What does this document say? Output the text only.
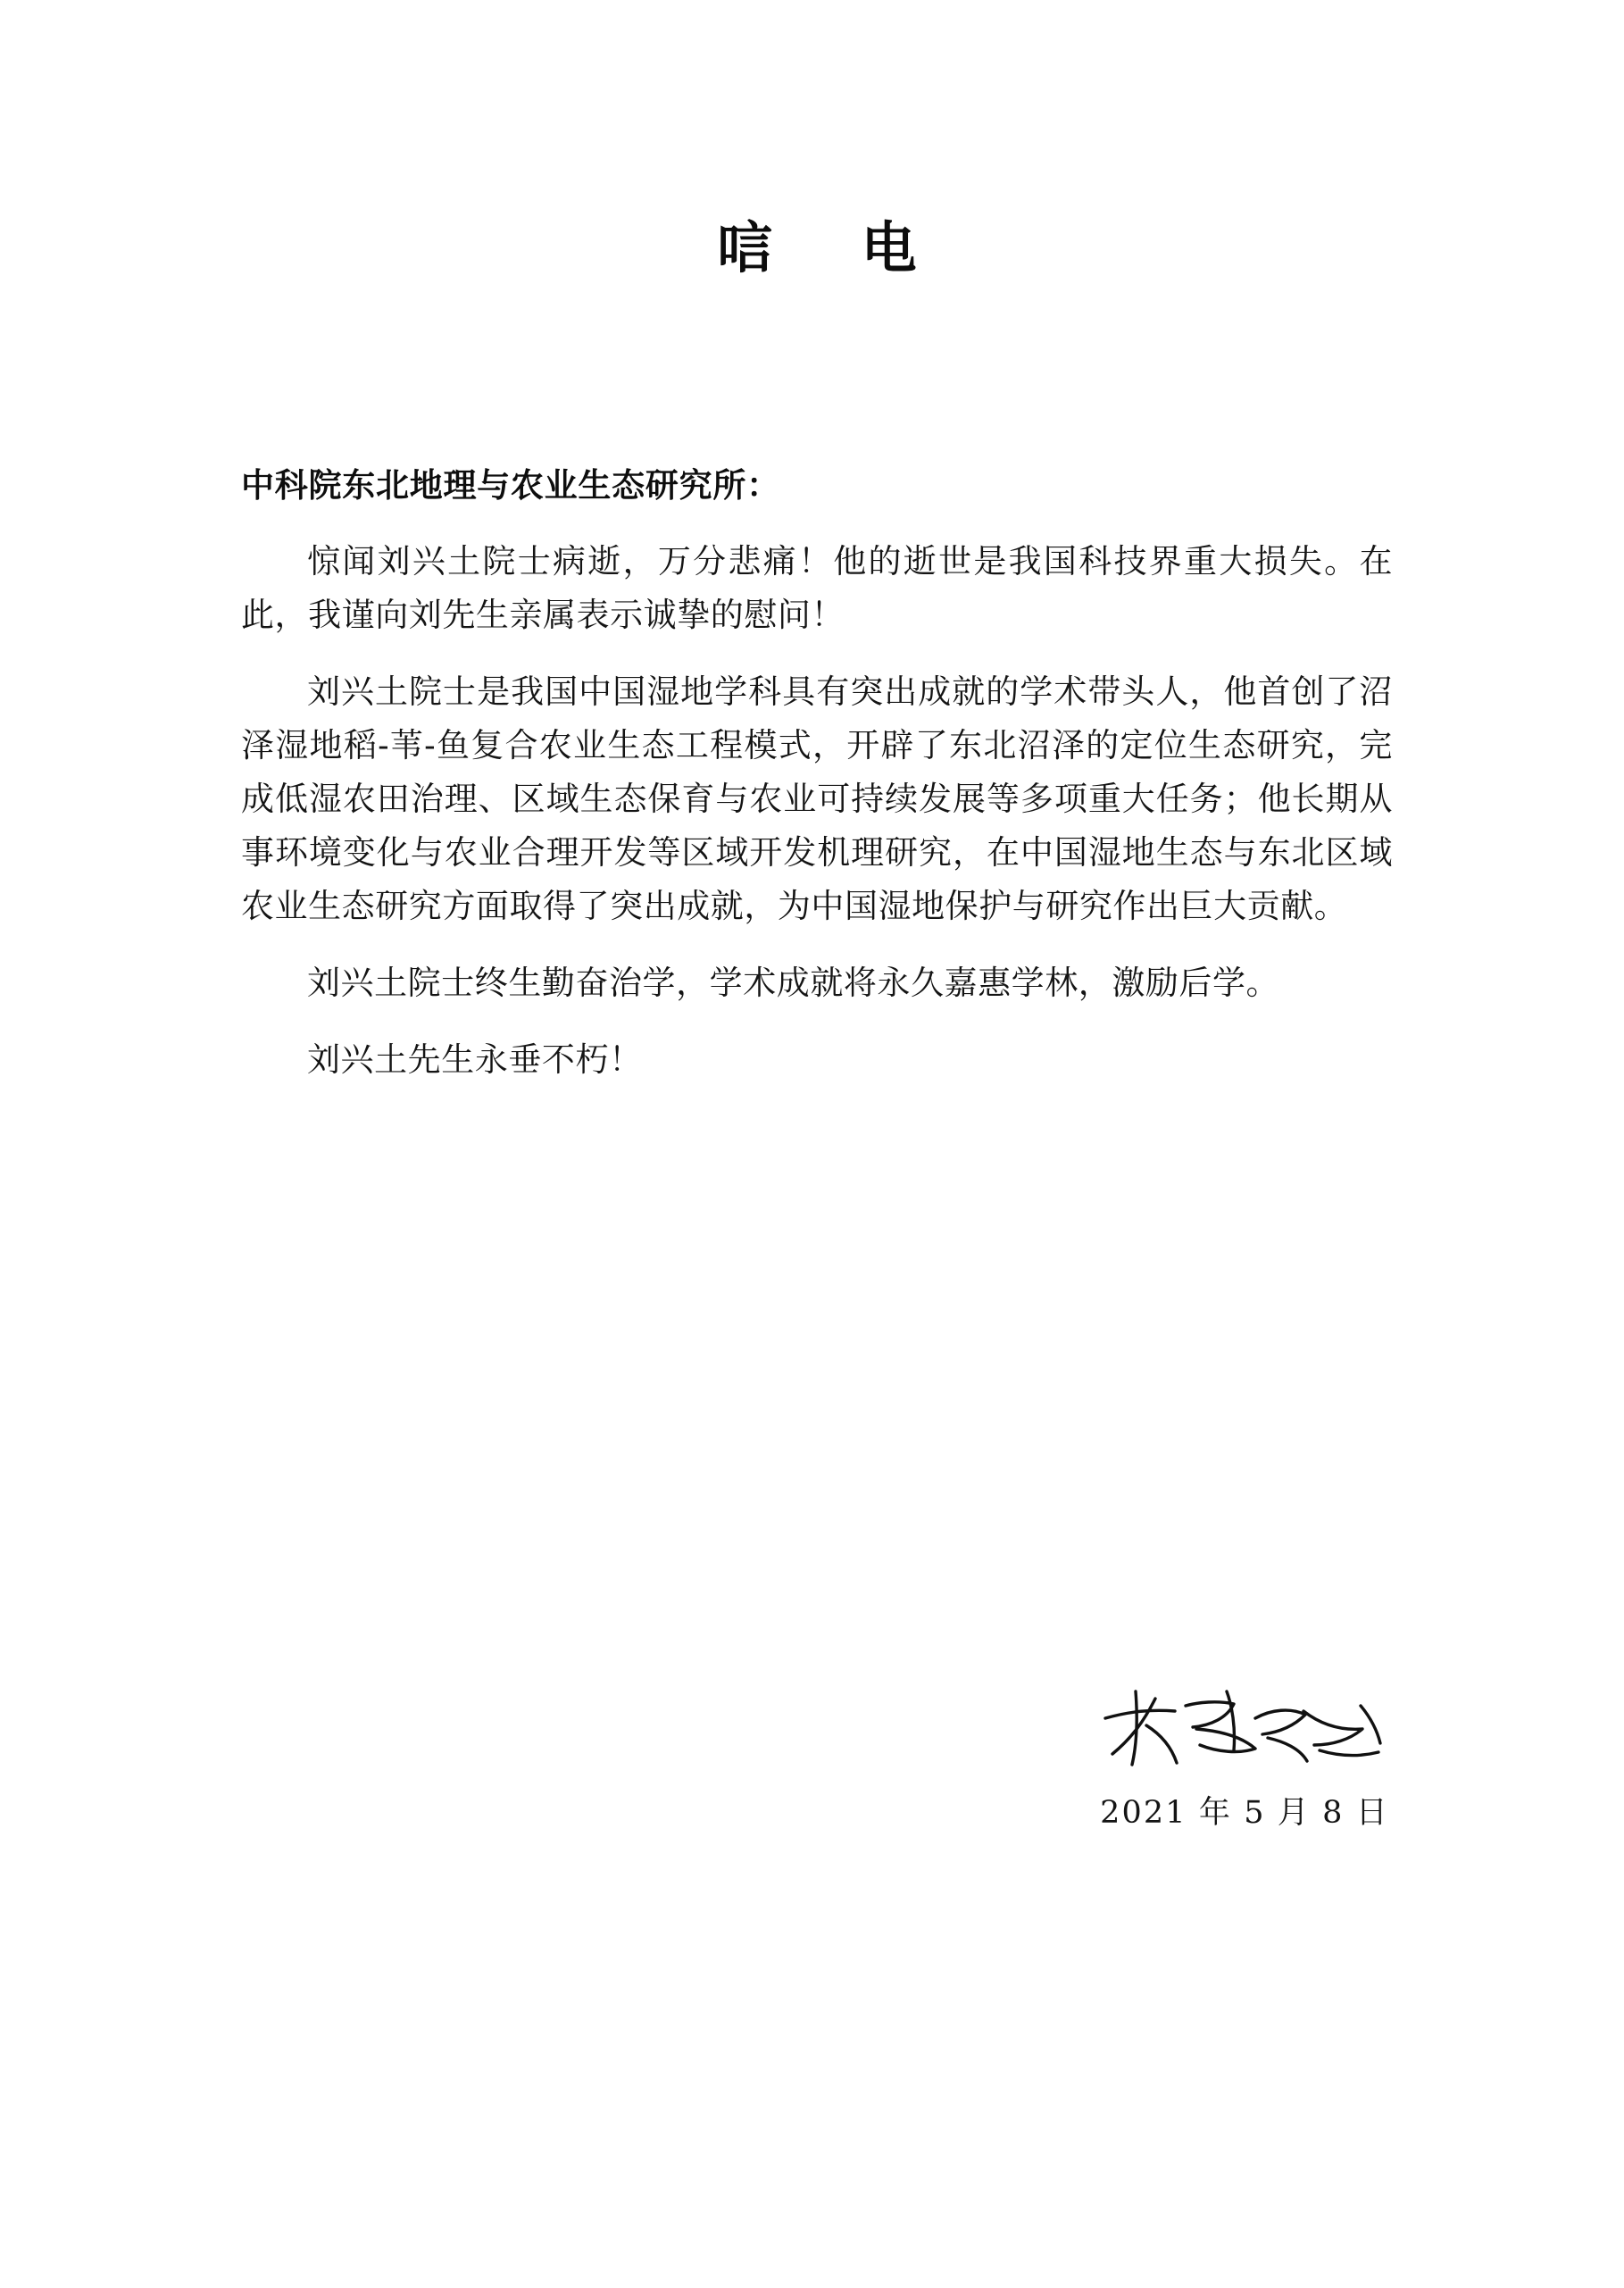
唁　电
中科院东北地理与农业生态研究所：

惊闻刘兴土院士病逝，万分悲痛！他的逝世是我国科技界重大损失。在此，我谨向刘先生亲属表示诚挚的慰问！

刘兴土院士是我国中国湿地学科具有突出成就的学术带头人，他首创了沼泽湿地稻-苇-鱼复合农业生态工程模式，开辟了东北沼泽的定位生态研究，完成低湿农田治理、区域生态保育与农业可持续发展等多项重大任务；他长期从事环境变化与农业合理开发等区域开发机理研究，在中国湿地生态与东北区域农业生态研究方面取得了突出成就，为中国湿地保护与研究作出巨大贡献。

刘兴土院士终生勤奋治学，学术成就将永久嘉惠学林，激励后学。

刘兴土先生永垂不朽！

2021 年 5 月 8 日
